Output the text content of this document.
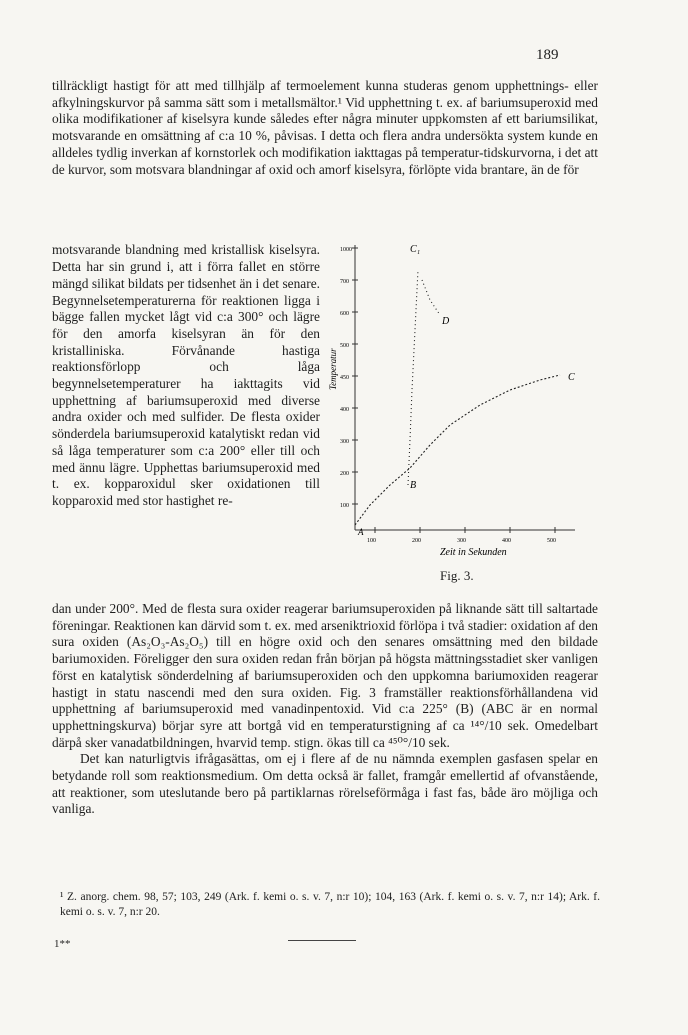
189

tillräckligt hastigt för att med tillhjälp af termoelement kunna studeras genom upphettnings- eller afkylningskurvor på samma sätt som i metallsmältor.¹ Vid upphettning t. ex. af bariumsuperoxid med olika modifikationer af kiselsyra kunde således efter några minuter uppkomsten af ett bariumsilikat, motsvarande en omsättning af c:a 10 %, påvisas. I detta och flera andra undersökta system kunde en alldeles tydlig inverkan af kornstorlek och modifikation iakttagas på temperatur-tidskurvorna, i det att de kurvor, som motsvara blandningar af oxid och amorf kiselsyra, förlöpte vida brantare, än de för

motsvarande blandning med kristallisk kiselsyra. Detta har sin grund i, att i förra fallet en större mängd silikat bildats per tidsenhet än i det senare. Begynnelsetemperaturerna för reaktionen ligga i bägge fallen mycket lågt vid c:a 300° och lägre för den amorfa kiselsyran än för den kristalliniska. Förvånande hastiga reaktionsförlopp och låga begynnelsetemperaturer ha iakttagits vid upphettning af bariumsuperoxid med diverse andra oxider och med sulfider. De flesta oxider sönderdela bariumsuperoxid katalytiskt redan vid så låga temperaturer som c:a 200° eller till och med ännu lägre. Upphettas bariumsuperoxid med t. ex. kopparoxidul sker oxidationen till kopparoxid med stor hastighet re-

1000
700
600
500
450
400
300
200
100
100	200	300	400	500
Temperatur
Zeit in Sekunden
C₁
D
C
B
A
Fig. 3.

dan under 200°. Med de flesta sura oxider reagerar bariumsuperoxiden på liknande sätt till saltartade föreningar. Reaktionen kan därvid som t. ex. med arseniktrioxid förlöpa i två stadier: oxidation af den sura oxiden (As₂O₃-As₂O₅) till en högre oxid och den senares omsättning med den bildade bariumoxiden. Föreligger den sura oxiden redan från början på högsta mättningsstadiet sker vanligen först en katalytisk sönderdelning af bariumsuperoxiden och den uppkomna bariumoxiden reagerar hastigt in statu nascendi med den sura oxiden. Fig. 3 framställer reaktionsförhållandena vid upphettning af bariumsuperoxid med vanadinpentoxid. Vid c:a 225° (B) (ABC är en normal upphettningskurva) börjar syre att bortgå vid en temperaturstigning af ca ¹⁴°/10 sek. Omedelbart därpå sker vanadatbildningen, hvarvid temp. stign. ökas till ca ⁴⁵⁰°/10 sek.

Det kan naturligtvis ifrågasättas, om ej i flere af de nu nämnda exemplen gasfasen spelar en betydande roll som reaktionsmedium. Om detta också är fallet, framgår emellertid af ofvanstående, att reaktioner, som uteslutande bero på partiklarnas rörelseförmåga i fast fas, både äro möjliga och vanliga.

¹ Z. anorg. chem. 98, 57; 103, 249 (Ark. f. kemi o. s. v. 7, n:r 10); 104, 163 (Ark. f. kemi o. s. v. 7, n:r 14); Ark. f. kemi o. s. v. 7, n:r 20.
1**
